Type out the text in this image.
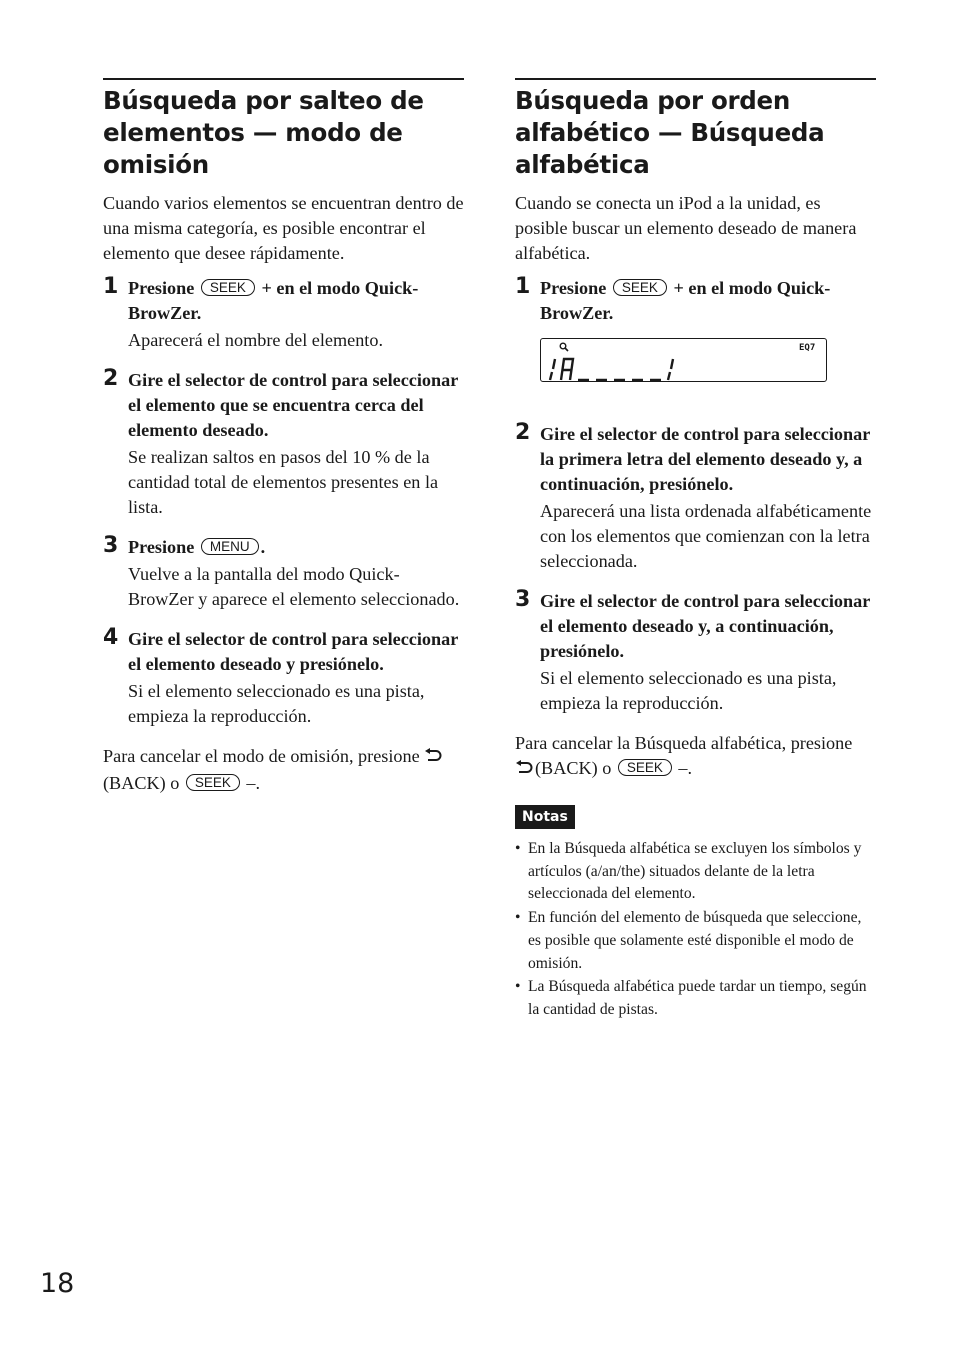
Búsqueda por salteo de elementos — modo de omisión

Cuando varios elementos se encuentran dentro de una misma categoría, es posible encontrar el elemento que desee rápidamente.

1 Presione SEEK + en el modo Quick-BrowZer.
Aparecerá el nombre del elemento.
2 Gire el selector de control para seleccionar el elemento que se encuentra cerca del elemento deseado.
Se realizan saltos en pasos del 10 % de la cantidad total de elementos presentes en la lista.
3 Presione MENU .
Vuelve a la pantalla del modo Quick-BrowZer y aparece el elemento seleccionado.
4 Gire el selector de control para seleccionar el elemento deseado y presiónelo.
Si el elemento seleccionado es una pista, empieza la reproducción.

Para cancelar el modo de omisión, presione (BACK) o SEEK –.

Búsqueda por orden alfabético — Búsqueda alfabética

Cuando se conecta un iPod a la unidad, es posible buscar un elemento deseado de manera alfabética.

1 Presione SEEK + en el modo Quick-BrowZer.
EQ7
2 Gire el selector de control para seleccionar la primera letra del elemento deseado y, a continuación, presiónelo.
Aparecerá una lista ordenada alfabéticamente con los elementos que comienzan con la letra seleccionada.
3 Gire el selector de control para seleccionar el elemento deseado y, a continuación, presiónelo.
Si el elemento seleccionado es una pista, empieza la reproducción.

Para cancelar la Búsqueda alfabética, presione (BACK) o SEEK –.

Notas
• En la Búsqueda alfabética se excluyen los símbolos y artículos (a/an/the) situados delante de la letra seleccionada del elemento.
• En función del elemento de búsqueda que seleccione, es posible que solamente esté disponible el modo de omisión.
• La Búsqueda alfabética puede tardar un tiempo, según la cantidad de pistas.
18
